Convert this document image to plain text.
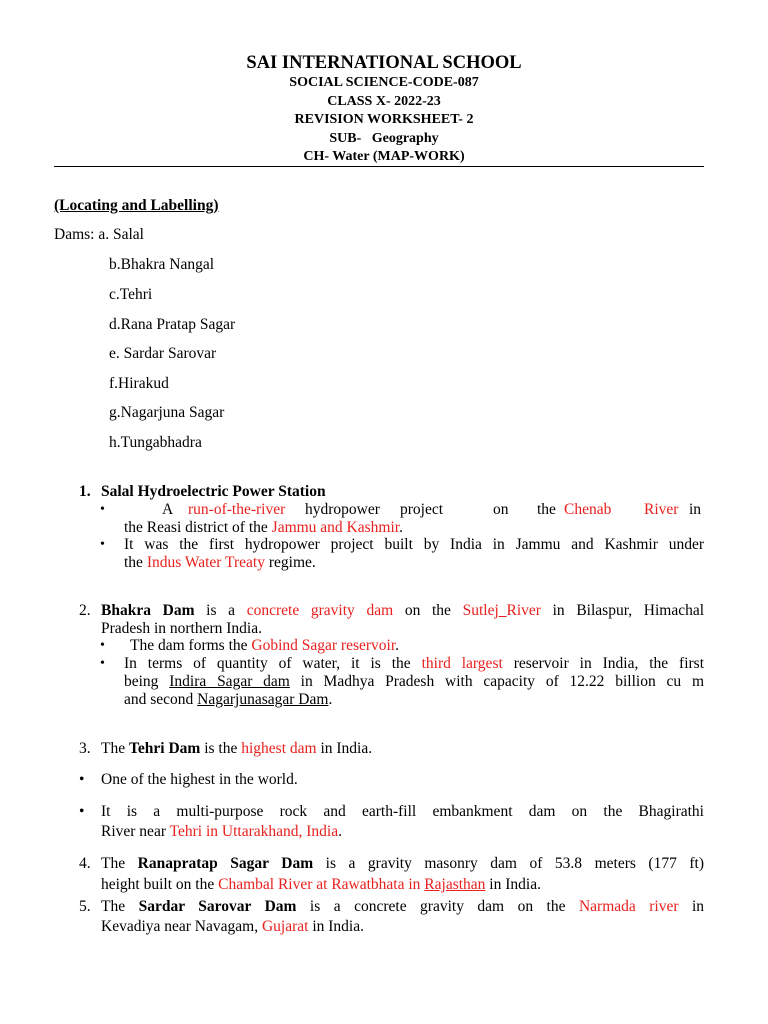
SAI INTERNATIONAL SCHOOL
SOCIAL SCIENCE-CODE-087
CLASS X- 2022-23
REVISION WORKSHEET- 2
SUB-   Geography
CH- Water (MAP-WORK)
(Locating and Labelling)
Dams: a. Salal
b.Bhakra Nangal
c.Tehri
d.Rana Pratap Sagar
e. Sardar Sarovar
f.Hirakud
g.Nagarjuna Sagar
h.Tungabhadra
1. Salal Hydroelectric Power Station
•	A run-of-the-river hydropower project	on the Chenab River in
the Reasi district of the Jammu and Kashmir.
• It was the first hydropower project built by India in Jammu and Kashmir under
the Indus Water Treaty regime.
2. Bhakra Dam is a concrete gravity dam on the Sutlej_River in Bilaspur, Himachal
Pradesh in northern India.
• The dam forms the Gobind Sagar reservoir.
• In terms of quantity of water, it is the third largest reservoir in India, the first
being Indira Sagar dam in Madhya Pradesh with capacity of 12.22 billion cu m
and second Nagarjunasagar Dam.
3. The Tehri Dam is the highest dam in India.
• One of the highest in the world.
• It is a multi-purpose rock and earth-fill embankment dam on the Bhagirathi
River near Tehri in Uttarakhand, India.
4. The Ranapratap Sagar Dam is a gravity masonry dam of 53.8 meters (177 ft)
height built on the Chambal River at Rawatbhata in Rajasthan in India.
5. The Sardar Sarovar Dam is a concrete gravity dam on the Narmada river in
Kevadiya near Navagam, Gujarat in India.
